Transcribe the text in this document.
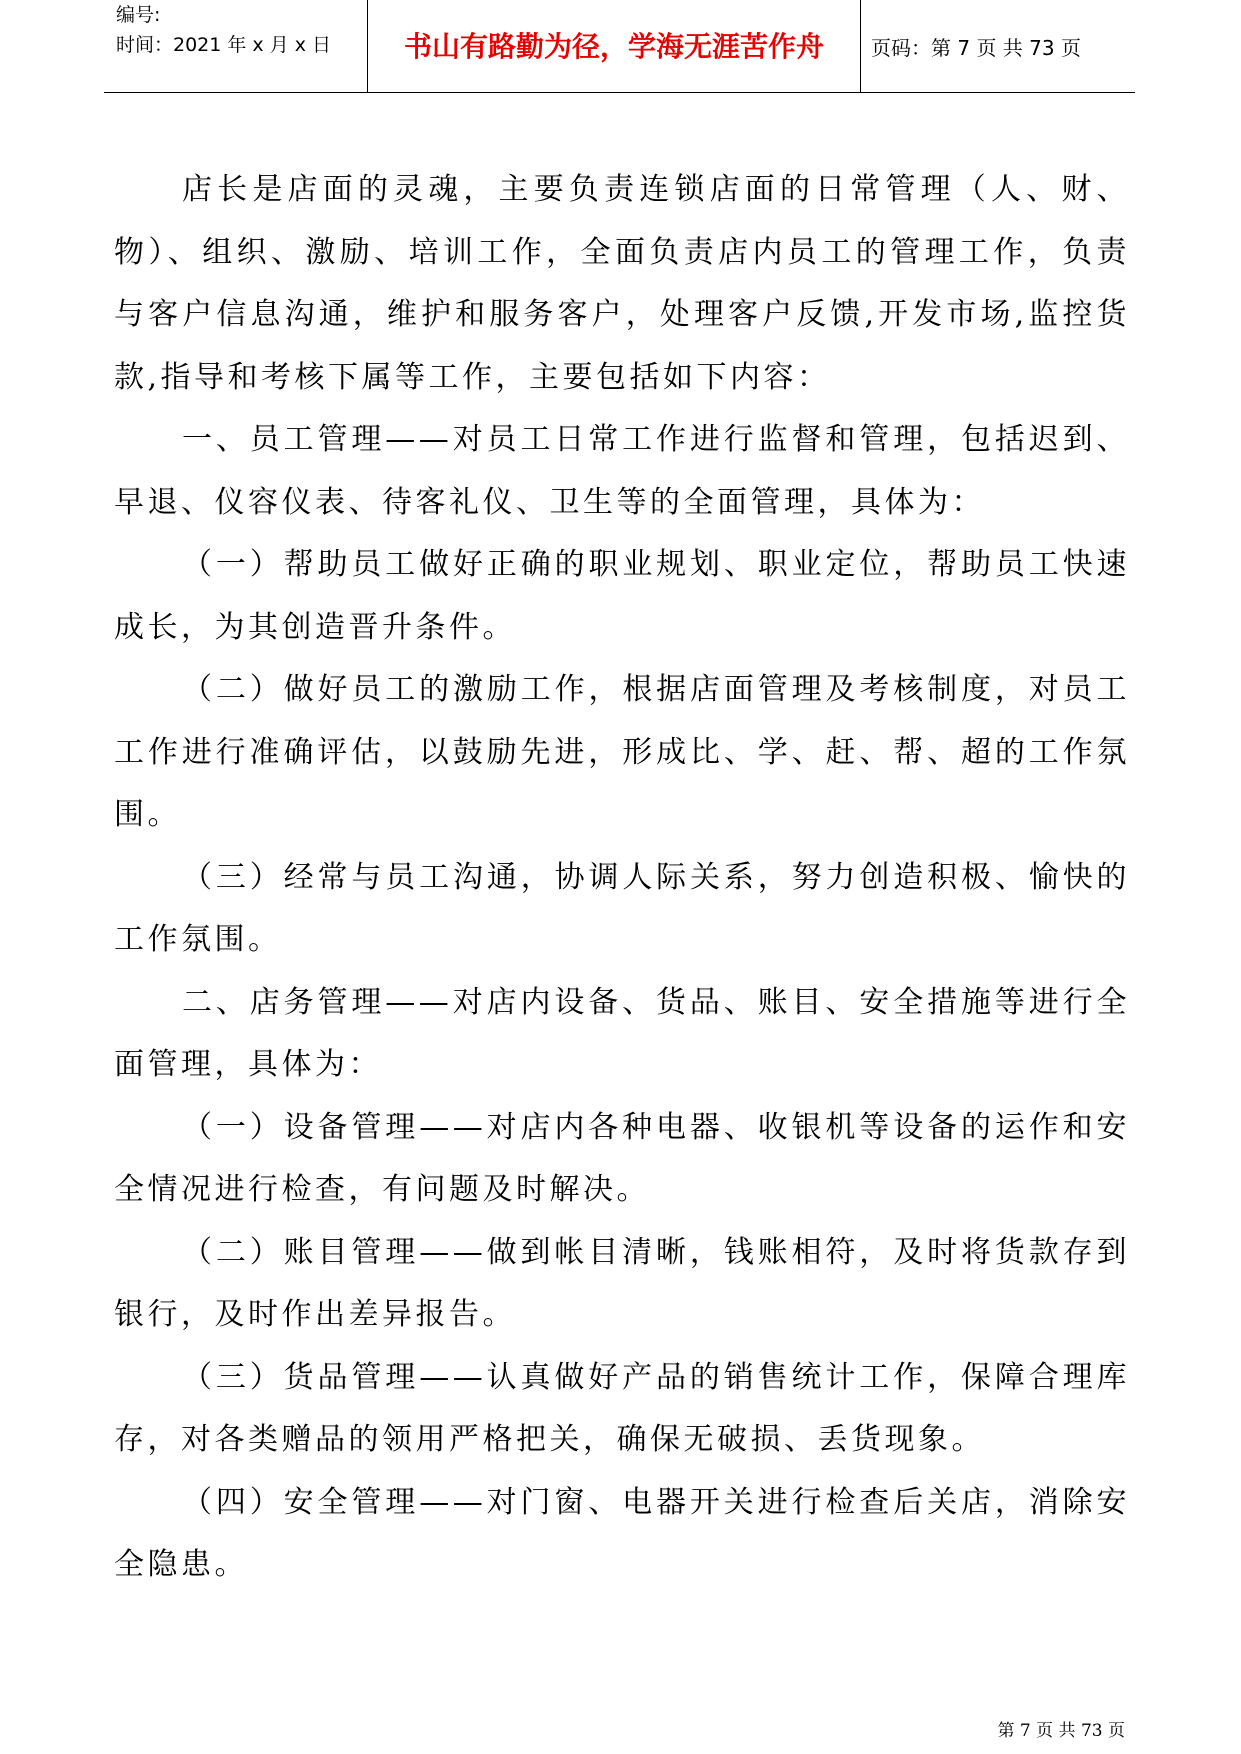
编号:
时间：2021 年 x 月 x 日	书山有路勤为径，学海无涯苦作舟	页码：第 7 页 共 73 页

店长是店面的灵魂，主要负责连锁店面的日常管理（人、财、物）、组织、激励、培训工作，全面负责店内员工的管理工作，负责与客户信息沟通，维护和服务客户，处理客户反馈,开发市场,监控货款,指导和考核下属等工作，主要包括如下内容：

一、员工管理——对员工日常工作进行监督和管理，包括迟到、早退、仪容仪表、待客礼仪、卫生等的全面管理，具体为：

（一）帮助员工做好正确的职业规划、职业定位，帮助员工快速成长，为其创造晋升条件。

（二）做好员工的激励工作，根据店面管理及考核制度，对员工工作进行准确评估，以鼓励先进，形成比、学、赶、帮、超的工作氛围。

（三）经常与员工沟通，协调人际关系，努力创造积极、愉快的工作氛围。

二、店务管理——对店内设备、货品、账目、安全措施等进行全面管理，具体为：

（一）设备管理——对店内各种电器、收银机等设备的运作和安全情况进行检查，有问题及时解决。

（二）账目管理——做到帐目清晰，钱账相符，及时将货款存到银行，及时作出差异报告。

（三）货品管理——认真做好产品的销售统计工作，保障合理库存，对各类赠品的领用严格把关，确保无破损、丢货现象。

（四）安全管理——对门窗、电器开关进行检查后关店，消除安全隐患。

第 7 页 共 73 页
